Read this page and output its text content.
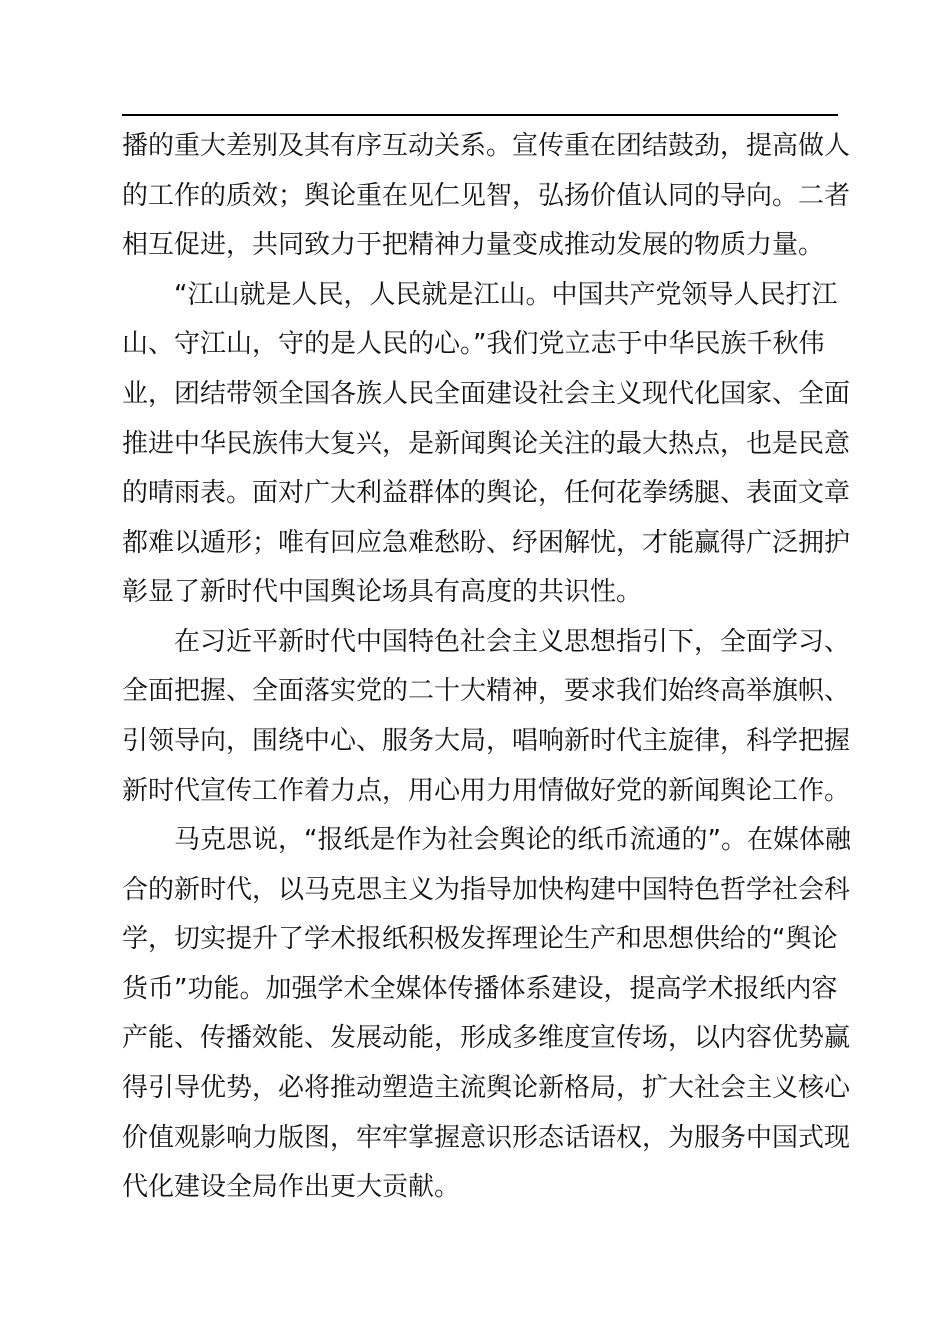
播的重大差别及其有序互动关系。宣传重在团结鼓劲，提高做人
的工作的质效；舆论重在见仁见智，弘扬价值认同的导向。二者
相互促进，共同致力于把精神力量变成推动发展的物质力量。
“江山就是人民，人民就是江山。中国共产党领导人民打江
山、守江山，守的是人民的心。”我们党立志于中华民族千秋伟
业，团结带领全国各族人民全面建设社会主义现代化国家、全面
推进中华民族伟大复兴，是新闻舆论关注的最大热点，也是民意
的晴雨表。面对广大利益群体的舆论，任何花拳绣腿、表面文章
都难以遁形；唯有回应急难愁盼、纾困解忧，才能赢得广泛拥护
彰显了新时代中国舆论场具有高度的共识性。
在习近平新时代中国特色社会主义思想指引下，全面学习、
全面把握、全面落实党的二十大精神，要求我们始终高举旗帜、
引领导向，围绕中心、服务大局，唱响新时代主旋律，科学把握
新时代宣传工作着力点，用心用力用情做好党的新闻舆论工作。
马克思说，“报纸是作为社会舆论的纸币流通的”。在媒体融
合的新时代，以马克思主义为指导加快构建中国特色哲学社会科
学，切实提升了学术报纸积极发挥理论生产和思想供给的“舆论
货币”功能。加强学术全媒体传播体系建设，提高学术报纸内容
产能、传播效能、发展动能，形成多维度宣传场，以内容优势赢
得引导优势，必将推动塑造主流舆论新格局，扩大社会主义核心
价值观影响力版图，牢牢掌握意识形态话语权，为服务中国式现
代化建设全局作出更大贡献。
